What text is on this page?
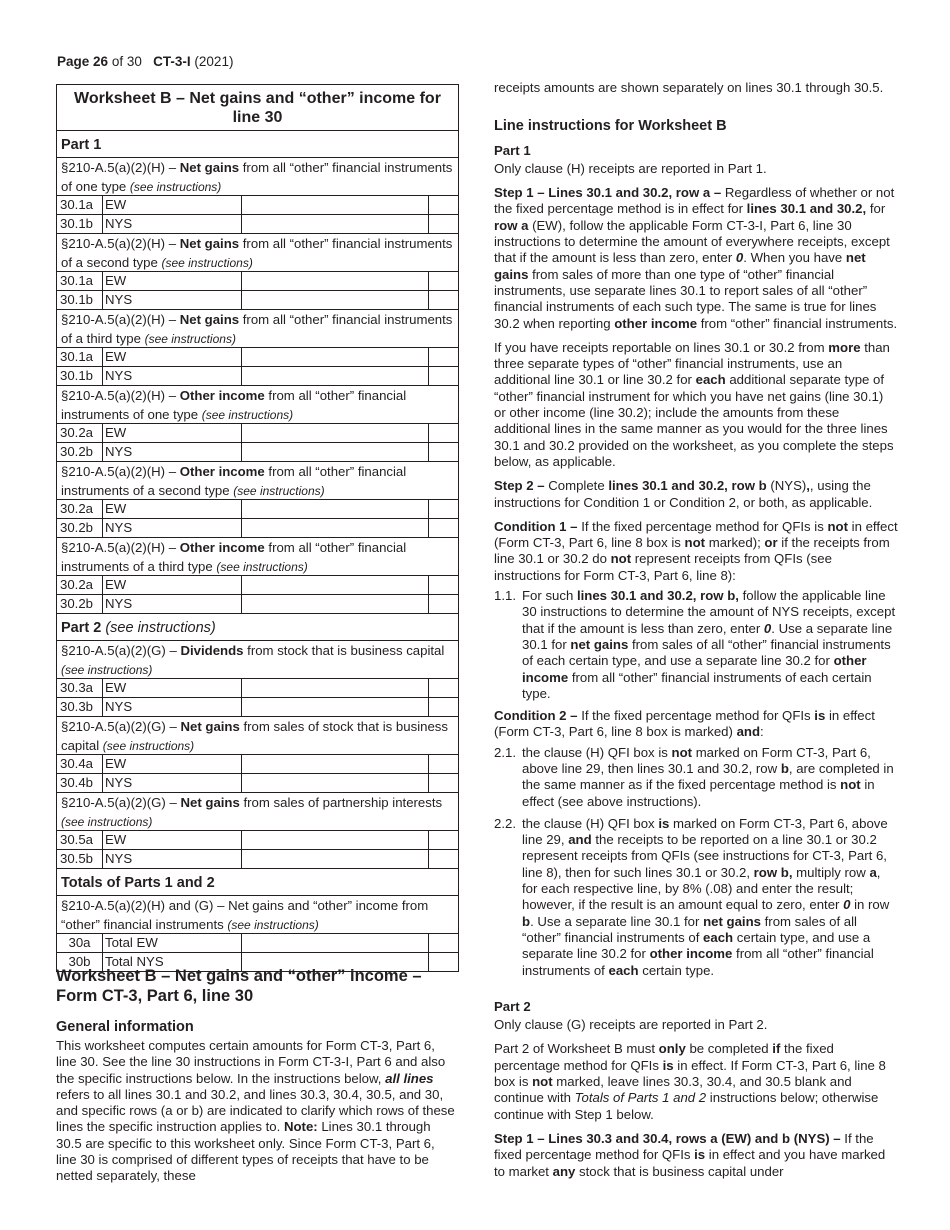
Page 26 of 30 CT-3-I (2021)
Worksheet B – Net gains and “other” income for line 30
Part 1
§210-A.5(a)(2)(H) – Net gains from all “other” financial instruments of one type (see instructions)
30.1a EW
30.1b NYS
§210-A.5(a)(2)(H) – Net gains from all “other” financial instruments of a second type (see instructions)
30.1a EW
30.1b NYS
§210-A.5(a)(2)(H) – Net gains from all “other” financial instruments of a third type (see instructions)
30.1a EW
30.1b NYS
§210-A.5(a)(2)(H) – Other income from all “other” financial instruments of one type (see instructions)
30.2a EW
30.2b NYS
§210-A.5(a)(2)(H) – Other income from all “other” financial instruments of a second type (see instructions)
30.2a EW
30.2b NYS
§210-A.5(a)(2)(H) – Other income from all “other” financial instruments of a third type (see instructions)
30.2a EW
30.2b NYS
Part 2 (see instructions)
§210-A.5(a)(2)(G) – Dividends from stock that is business capital (see instructions)
30.3a EW
30.3b NYS
§210-A.5(a)(2)(G) – Net gains from sales of stock that is business capital (see instructions)
30.4a EW
30.4b NYS
§210-A.5(a)(2)(G) – Net gains from sales of partnership interests (see instructions)
30.5a EW
30.5b NYS
Totals of Parts 1 and 2
§210-A.5(a)(2)(H) and (G) – Net gains and “other” income from “other” financial instruments (see instructions)
30a	Total EW
30b	Total NYS
Worksheet B – Net gains and “other” income – Form CT-3, Part 6, line 30
General information

This worksheet computes certain amounts for Form CT-3, Part 6, line 30. See the line 30 instructions in Form CT-3-I, Part 6 and also the specific instructions below. In the instructions below, all lines refers to all lines 30.1 and 30.2, and lines 30.3, 30.4, 30.5, and 30, and specific rows (a or b) are indicated to clarify which rows of these lines the specific instruction applies to. Note: Lines 30.1 through 30.5 are specific to this worksheet only. Since Form CT-3, Part 6, line 30 is comprised of different types of receipts that have to be netted separately, these

receipts amounts are shown separately on lines 30.1 through 30.5.

Line instructions for Worksheet B
Part 1

Only clause (H) receipts are reported in Part 1.

Step 1 – Lines 30.1 and 30.2, row a – Regardless of whether or not the fixed percentage method is in effect for lines 30.1 and 30.2, for row a (EW), follow the applicable Form CT-3-I, Part 6, line 30 instructions to determine the amount of everywhere receipts, except that if the amount is less than zero, enter 0. When you have net gains from sales of more than one type of “other” financial instruments, use separate lines 30.1 to report sales of all “other” financial instruments of each such type. The same is true for lines 30.2 when reporting other income from “other” financial instruments.

If you have receipts reportable on lines 30.1 or 30.2 from more than three separate types of “other” financial instruments, use an additional line 30.1 or line 30.2 for each additional separate type of “other” financial instrument for which you have net gains (line 30.1) or other income (line 30.2); include the amounts from these additional lines in the same manner as you would for the three lines 30.1 and 30.2 provided on the worksheet, as you complete the steps below, as applicable.

Step 2 – Complete lines 30.1 and 30.2, row b (NYS),, using the instructions for Condition 1 or Condition 2, or both, as applicable.

Condition 1 – If the fixed percentage method for QFIs is not in effect (Form CT-3, Part 6, line 8 box is not marked); or if the receipts from line 30.1 or 30.2 do not represent receipts from QFIs (see instructions for Form CT-3, Part 6, line 8):

1.1. For such lines 30.1 and 30.2, row b, follow the applicable line 30 instructions to determine the amount of NYS receipts, except that if the amount is less than zero, enter 0. Use a separate line 30.1 for net gains from sales of all “other” financial instruments of each certain type, and use a separate line 30.2 for other income from all “other” financial instruments of each certain type.

Condition 2 – If the fixed percentage method for QFIs is in effect (Form CT-3, Part 6, line 8 box is marked) and:

2.1. the clause (H) QFI box is not marked on Form CT-3, Part 6, above line 29, then lines 30.1 and 30.2, row b, are completed in the same manner as if the fixed percentage method is not in effect (see above instructions).
2.2. the clause (H) QFI box is marked on Form CT-3, Part 6, above line 29, and the receipts to be reported on a line 30.1 or 30.2 represent receipts from QFIs (see instructions for CT-3, Part 6, line 8), then for such lines 30.1 or 30.2, row b, multiply row a, for each respective line, by 8% (.08) and enter the result; however, if the result is an amount equal to zero, enter 0 in row b. Use a separate line 30.1 for net gains from sales of all “other” financial instruments of each certain type, and use a separate line 30.2 for other income from all “other” financial instruments of each certain type.
Part 2

Only clause (G) receipts are reported in Part 2.

Part 2 of Worksheet B must only be completed if the fixed percentage method for QFIs is in effect. If Form CT-3, Part 6, line 8 box is not marked, leave lines 30.3, 30.4, and 30.5 blank and continue with Totals of Parts 1 and 2 instructions below; otherwise continue with Step 1 below.

Step 1 – Lines 30.3 and 30.4, rows a (EW) and b (NYS) – If the fixed percentage method for QFIs is in effect and you have marked to market any stock that is business capital under
